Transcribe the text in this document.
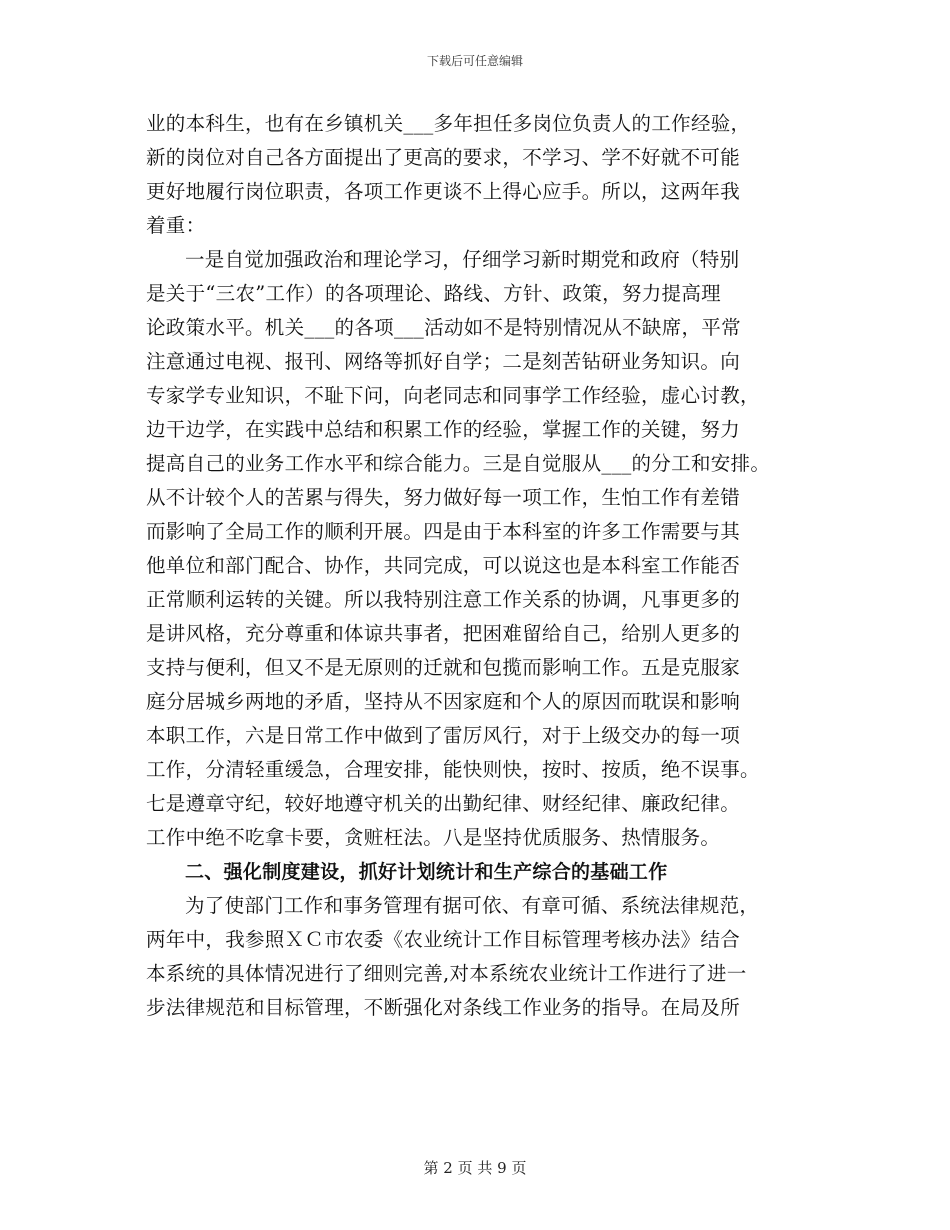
下载后可任意编辑
业的本科生，也有在乡镇机关___多年担任多岗位负责人的工作经验，
新的岗位对自己各方面提出了更高的要求，不学习、学不好就不可能
更好地履行岗位职责，各项工作更谈不上得心应手。所以，这两年我
着重：
一是自觉加强政治和理论学习，仔细学习新时期党和政府（特别
是关于“三农”工作）的各项理论、路线、方针、政策，努力提高理
论政策水平。机关___的各项___活动如不是特别情况从不缺席，平常
注意通过电视、报刊、网络等抓好自学；二是刻苦钻研业务知识。向
专家学专业知识，不耻下问，向老同志和同事学工作经验，虚心讨教，
边干边学，在实践中总结和积累工作的经验，掌握工作的关键，努力
提高自己的业务工作水平和综合能力。三是自觉服从___的分工和安排。
从不计较个人的苦累与得失，努力做好每一项工作，生怕工作有差错
而影响了全局工作的顺利开展。四是由于本科室的许多工作需要与其
他单位和部门配合、协作，共同完成，可以说这也是本科室工作能否
正常顺利运转的关键。所以我特别注意工作关系的协调，凡事更多的
是讲风格，充分尊重和体谅共事者，把困难留给自己，给别人更多的
支持与便利，但又不是无原则的迁就和包揽而影响工作。五是克服家
庭分居城乡两地的矛盾，坚持从不因家庭和个人的原因而耽误和影响
本职工作，六是日常工作中做到了雷厉风行，对于上级交办的每一项
工作，分清轻重缓急，合理安排，能快则快，按时、按质，绝不误事。
七是遵章守纪，较好地遵守机关的出勤纪律、财经纪律、廉政纪律。
工作中绝不吃拿卡要，贪赃枉法。八是坚持优质服务、热情服务。
二、强化制度建设，抓好计划统计和生产综合的基础工作
为了使部门工作和事务管理有据可依、有章可循、系统法律规范，
两年中，我参照ＸＣ市农委《农业统计工作目标管理考核办法》结合
本系统的具体情况进行了细则完善,对本系统农业统计工作进行了进一
步法律规范和目标管理，不断强化对条线工作业务的指导。在局及所
第 2 页 共 9 页
